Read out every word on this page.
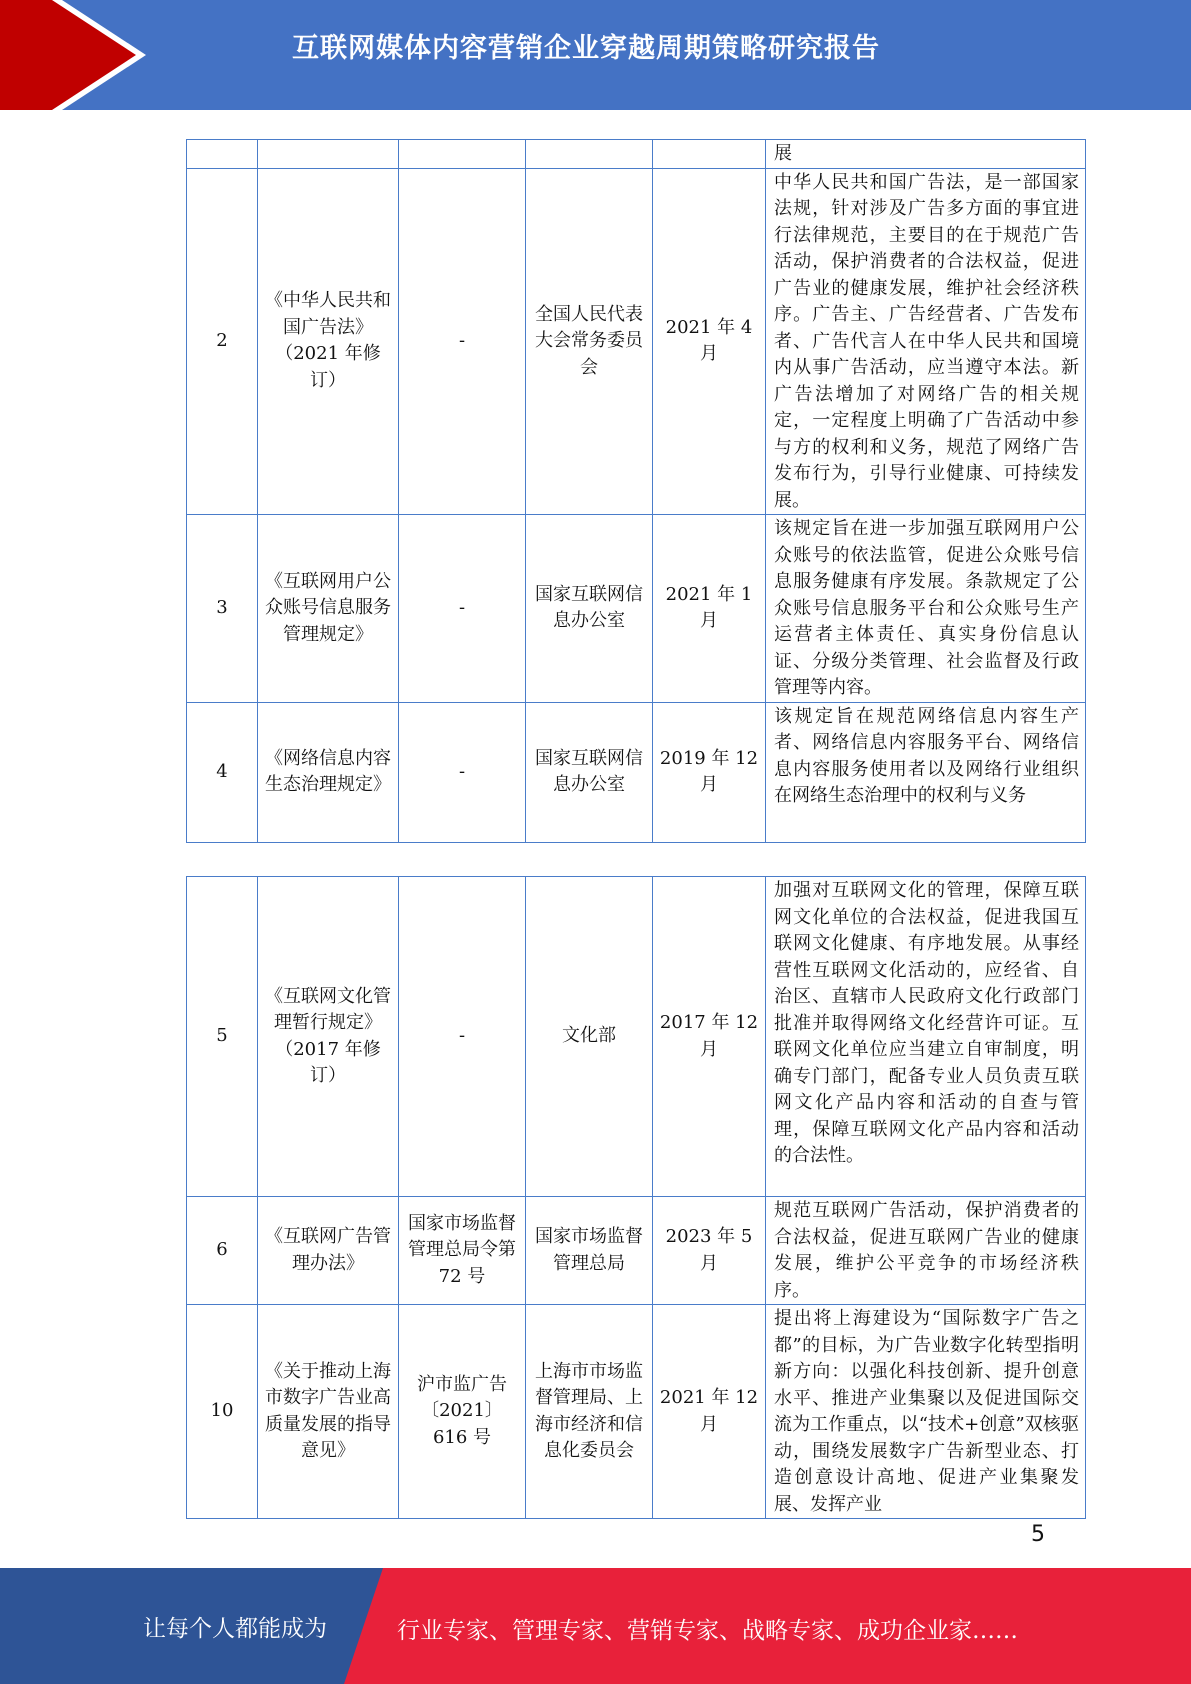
互联网媒体内容营销企业穿越周期策略研究报告
					展
2	《中华人民共和国广告法》（2021 年修订）	-	全国人民代表大会常务委员会	2021 年 4 月	中华人民共和国广告法，是一部国家法规，针对涉及广告多方面的事宜进行法律规范，主要目的在于规范广告活动，保护消费者的合法权益，促进广告业的健康发展，维护社会经济秩序。广告主、广告经营者、广告发布者、广告代言人在中华人民共和国境内从事广告活动，应当遵守本法。新广告法增加了对网络广告的相关规定，一定程度上明确了广告活动中参与方的权利和义务，规范了网络广告发布行为，引导行业健康、可持续发展。
3	《互联网用户公众账号信息服务管理规定》	-	国家互联网信息办公室	2021 年 1 月	该规定旨在进一步加强互联网用户公众账号的依法监管，促进公众账号信息服务健康有序发展。条款规定了公众账号信息服务平台和公众账号生产运营者主体责任、真实身份信息认证、分级分类管理、社会监督及行政管理等内容。
4	《网络信息内容生态治理规定》	-	国家互联网信息办公室	2019 年 12 月	该规定旨在规范网络信息内容生产者、网络信息内容服务平台、网络信息内容服务使用者以及网络行业组织在网络生态治理中的权利与义务
5	《互联网文化管理暂行规定》（2017 年修订）	-	文化部	2017 年 12 月	加强对互联网文化的管理，保障互联网文化单位的合法权益，促进我国互联网文化健康、有序地发展。从事经营性互联网文化活动的，应经省、自治区、直辖市人民政府文化行政部门批准并取得网络文化经营许可证。互联网文化单位应当建立自审制度，明确专门部门，配备专业人员负责互联网文化产品内容和活动的自查与管理，保障互联网文化产品内容和活动的合法性。
6	《互联网广告管理办法》	国家市场监督管理总局令第 72 号	国家市场监督管理总局	2023 年 5 月	规范互联网广告活动，保护消费者的合法权益，促进互联网广告业的健康发展，维护公平竞争的市场经济秩序。
10	《关于推动上海市数字广告业高质量发展的指导意见》	沪市监广告〔2021〕616 号	上海市市场监督管理局、上海市经济和信息化委员会	2021 年 12 月	提出将上海建设为“国际数字广告之都”的目标，为广告业数字化转型指明新方向：以强化科技创新、提升创意水平、推进产业集聚以及促进国际交流为工作重点，以“技术+创意”双核驱动，围绕发展数字广告新型业态、打造创意设计高地、促进产业集聚发展、发挥产业
5
让每个人都能成为	行业专家、管理专家、营销专家、战略专家、成功企业家……
